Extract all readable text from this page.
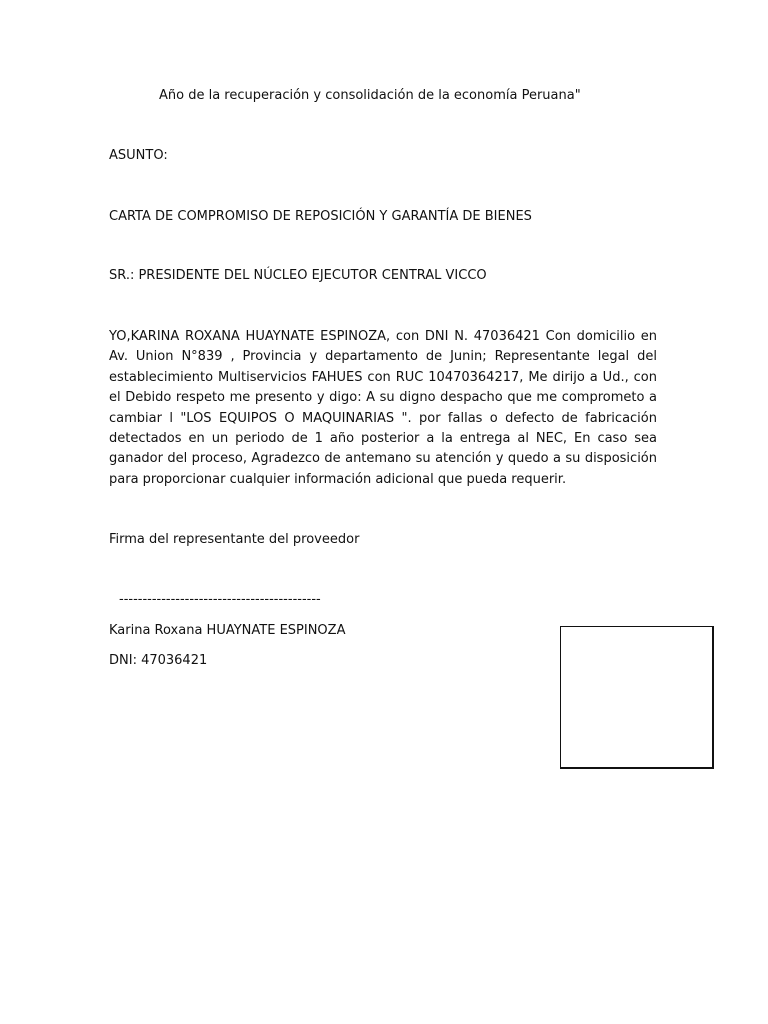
Año de la recuperación y consolidación de la economía Peruana"
ASUNTO:
CARTA DE COMPROMISO DE REPOSICIÓN Y GARANTÍA DE BIENES
SR.: PRESIDENTE DEL NÚCLEO EJECUTOR CENTRAL VICCO
YO,KARINA ROXANA HUAYNATE ESPINOZA, con DNI N. 47036421 Con domicilio en Av. Union N°839 , Provincia y departamento de Junin; Representante legal del establecimiento Multiservicios FAHUES con RUC 10470364217, Me dirijo a Ud., con el Debido respeto me presento y digo: A su digno despacho que me comprometo a cambiar l "LOS EQUIPOS O MAQUINARIAS ". por fallas o defecto de fabricación detectados en un periodo de 1 año posterior a la entrega al NEC, En caso sea ganador del proceso, Agradezco de antemano su atención y quedo a su disposición para proporcionar cualquier información adicional que pueda requerir.
Firma del representante del proveedor
-------------------------------------------
Karina Roxana HUAYNATE ESPINOZA
DNI: 47036421
